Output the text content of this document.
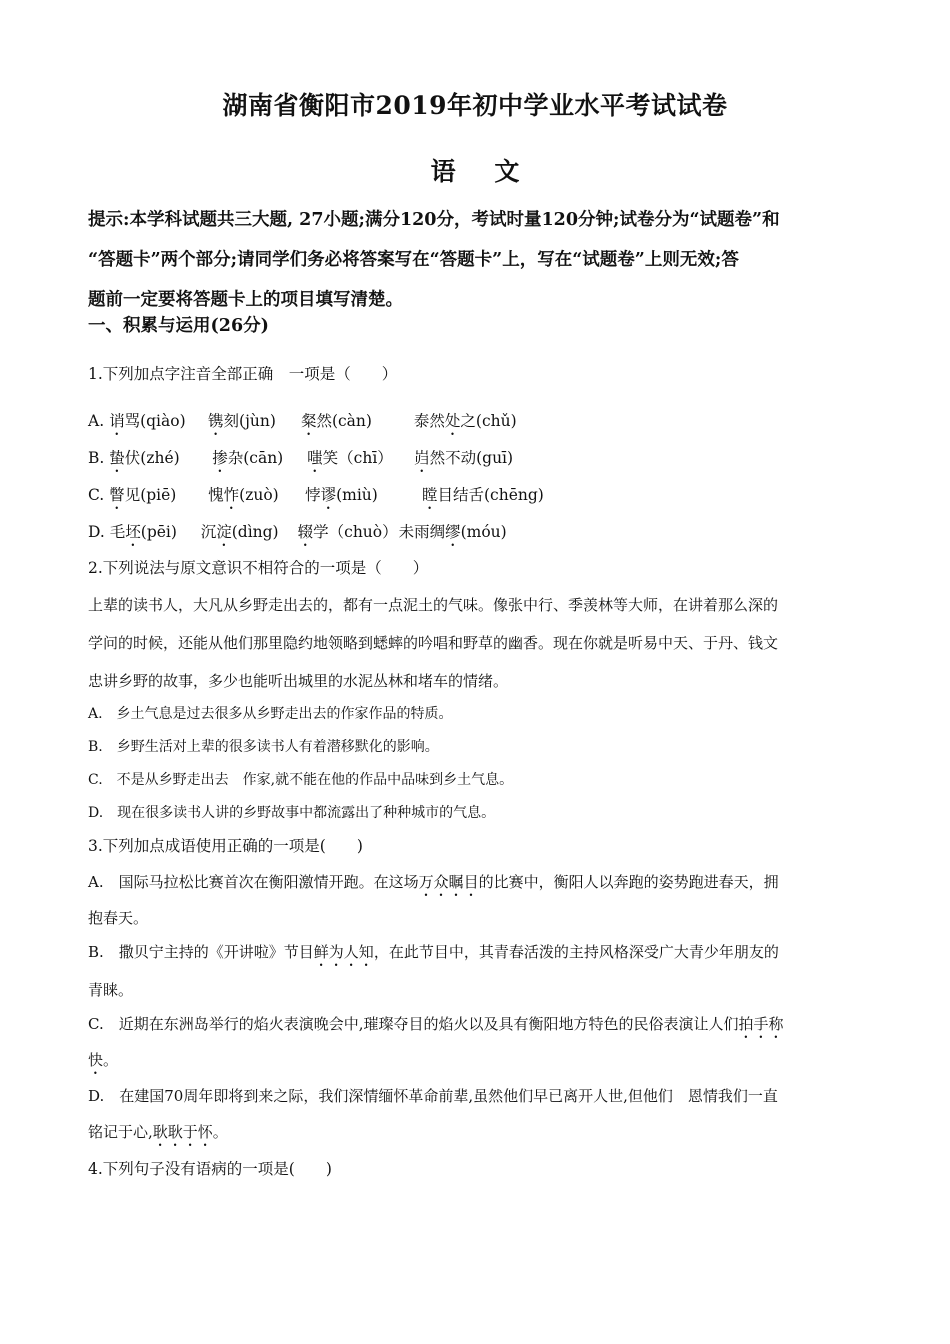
湖南省衡阳市2019年初中学业水平考试试卷
语 文

提示:本学科试题共三大题, 27小题;满分120分，考试时量120分钟;试卷分为“试题卷”和

“答题卡”两个部分;请同学们务必将答案写在“答题卡”上，写在“试题卷”上则无效;答

题前一定要将答题卡上的项目填写清楚。

一、积累与运用(26分)
1.下列加点字注音全部正确　一项是（　　）
A. 诮骂(qiào) 镌刻(jùn) 粲然(càn)	泰然处之(chǔ)
B. 蛰伏(zhé) 掺杂(cān) 嗤笑（chī） 岿然不动(guī)
C. 瞥见(piē) 愧怍(zuò) 悖谬(miù)	瞠目结舌(chēng)
D. 毛坯(pēi) 沉淀(dìng) 辍学（chuò） 未雨绸缪(móu)
2.下列说法与原文意识不相符合的一项是（　　）
上辈的读书人，大凡从乡野走出去的，都有一点泥土的气味。像张中行、季羡林等大师，在讲着那么深的
学问的时候，还能从他们那里隐约地领略到蟋蟀的吟唱和野草的幽香。现在你就是听易中天、于丹、钱文
忠讲乡野的故事，多少也能听出城里的水泥丛林和堵车的情绪。
A.　乡土气息是过去很多从乡野走出去的作家作品的特质。
B.　乡野生活对上辈的很多读书人有着潜移默化的影响。
C.　不是从乡野走出去　作家,就不能在他的作品中品味到乡土气息。
D.　现在很多读书人讲的乡野故事中都流露出了种种城市的气息。
3.下列加点成语使用正确的一项是(　　)
A.　国际马拉松比赛首次在衡阳激情开跑。在这场万众瞩目的比赛中，衡阳人以奔跑的姿势跑进春天，拥
抱春天。
B.　撒贝宁主持的《开讲啦》节目鲜为人知，在此节目中，其青春活泼的主持风格深受广大青少年朋友的
青睐。
C.　近期在东洲岛举行的焰火表演晚会中,璀璨夺目的焰火以及具有衡阳地方特色的民俗表演让人们拍手称
快。
D.　在建国70周年即将到来之际，我们深情缅怀革命前辈,虽然他们早已离开人世,但他们　恩情我们一直
铭记于心,耿耿于怀。
4.下列句子没有语病的一项是(　　)
